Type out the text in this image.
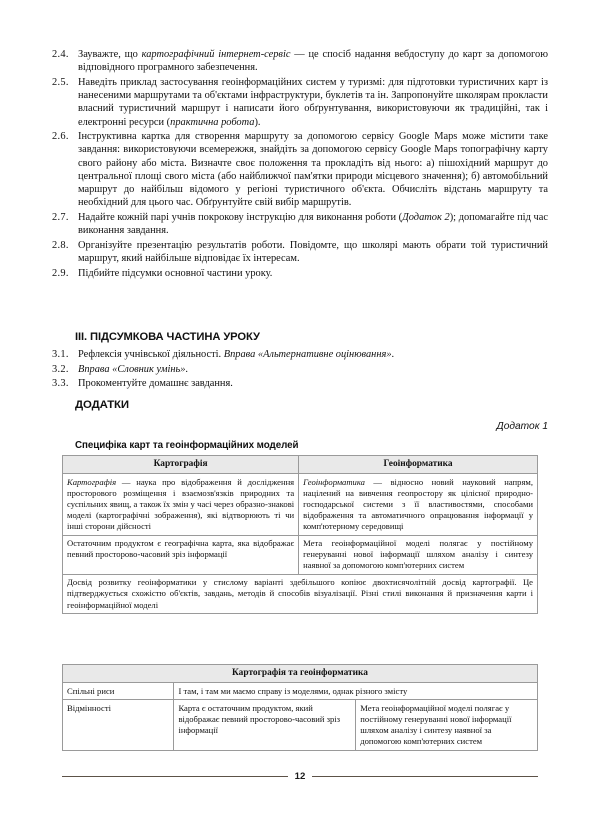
2.4. Зауважте, що картографічний інтернет-сервіс — це спосіб надання вебдоступу до карт за допомогою відповідного програмного забезпечення.
2.5. Наведіть приклад застосування геоінформаційних систем у туризмі: для підготовки туристичних карт із нанесеними маршрутами та об'єктами інфраструктури, буклетів та ін. Запропонуйте школярам прокласти власний туристичний маршрут і написати його обґрунтування, використовуючи як традиційні, так і електронні ресурси (практична робота).
2.6. Інструктивна картка для створення маршруту за допомогою сервісу Google Maps може містити таке завдання: використовуючи всемережжя, знайдіть за допомогою сервісу Google Maps топографічну карту свого району або міста. Визначте своє положення та прокладіть від нього: а) пішохідний маршрут до центральної площі свого міста (або найближчої пам'ятки природи місцевого значення); б) автомобільний маршрут до найбільш відомого у регіоні туристичного об'єкта. Обчисліть відстань маршруту та необхідний для цього час. Обґрунтуйте свій вибір маршрутів.
2.7. Надайте кожній парі учнів покрокову інструкцію для виконання роботи (Додаток 2); допомагайте під час виконання завдання.
2.8. Організуйте презентацію результатів роботи. Повідомте, що школярі мають обрати той туристичний маршрут, який найбільше відповідає їх інтересам.
2.9. Підбийте підсумки основної частини уроку.
III. ПІДСУМКОВА ЧАСТИНА УРОКУ
3.1. Рефлексія учнівської діяльності. Вправа «Альтернативне оцінювання».
3.2. Вправа «Словник умінь».
3.3. Прокоментуйте домашнє завдання.
ДОДАТКИ
Додаток 1
Специфіка карт та геоінформаційних моделей
Картографія	Геоінформатика
Картографія — наука про відображення й дослідження просторового розміщення і взаємозв'язків природних та суспільних явищ, а також їх змін у часі через образно-знакові моделі (картографічні зображення), які відтворюють ті чи інші сторони дійсності	Геоінформатика — відносно новий науковий напрям, націлений на вивчення геопростору як цілісної природно-господарської системи з її властивостями, способами відображення та автоматичного опрацювання інформації у комп'ютерному середовищі
Остаточним продуктом є географічна карта, яка відображає певний просторово-часовий зріз інформації	Мета геоінформаційної моделі полягає у постійному генеруванні нової інформації шляхом аналізу і синтезу наявної за допомогою комп'ютерних систем
Досвід розвитку геоінформатики у стислому варіанті здебільшого копіює двохтисячолітній досвід картографії. Це підтверджується схожістю об'єктів, завдань, методів й способів візуалізації. Різні стилі виконання й призначення карти і геоінформаційної моделі	
Картографія та геоінформатика		
Спільні риси	І там, і там ми маємо справу із моделями, однак різного змісту	
Відмінності	Карта є остаточним продуктом, який відображає певний просторово-часовий зріз інформації	Мета геоінформаційної моделі полягає у постійному генеруванні нової інформації шляхом аналізу і синтезу наявної за допомогою комп'ютерних систем
12
